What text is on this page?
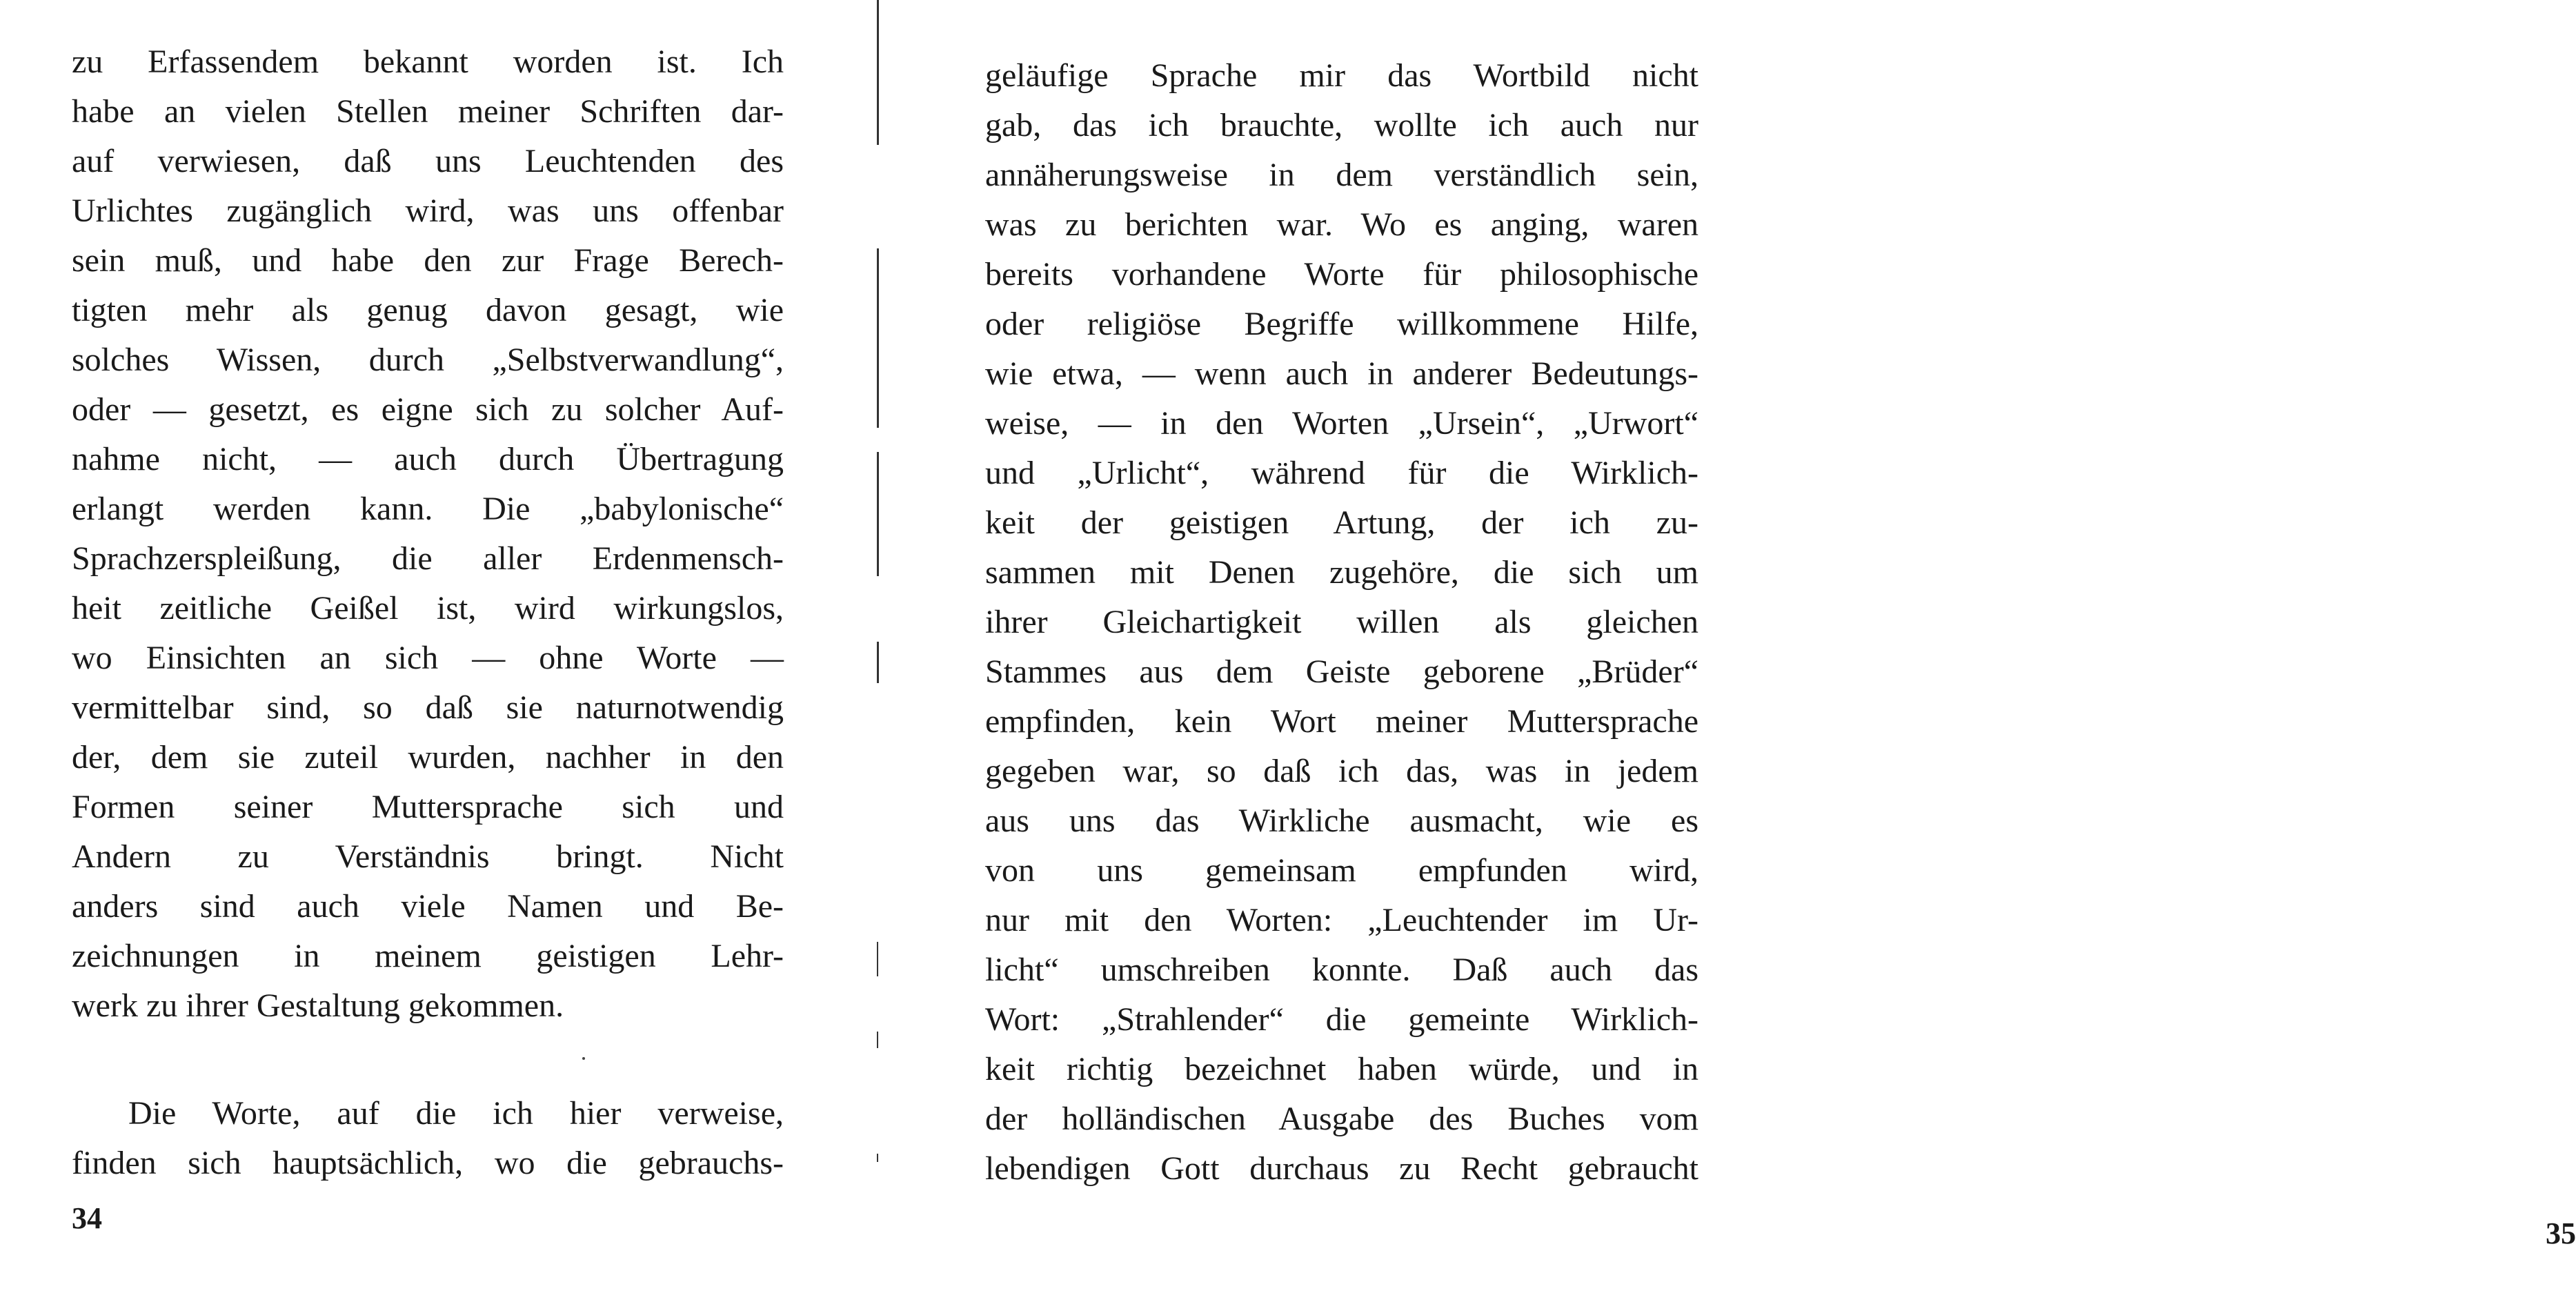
zu Erfassendem bekannt worden ist. Ich
habe an vielen Stellen meiner Schriften dar-
auf verwiesen, daß uns Leuchtenden des
Urlichtes zugänglich wird, was uns offenbar
sein muß, und habe den zur Frage Berech-
tigten mehr als genug davon gesagt, wie
solches Wissen, durch „Selbstverwandlung“,
oder — gesetzt, es eigne sich zu solcher Auf-
nahme nicht, — auch durch Übertragung
erlangt werden kann. Die „babylonische“
Sprachzerspleißung, die aller Erdenmensch-
heit zeitliche Geißel ist, wird wirkungslos,
wo Einsichten an sich — ohne Worte —
vermittelbar sind, so daß sie naturnotwendig
der, dem sie zuteil wurden, nachher in den
Formen seiner Muttersprache sich und
Andern zu Verständnis bringt. Nicht
anders sind auch viele Namen und Be-
zeichnungen in meinem geistigen Lehr-
werk zu ihrer Gestaltung gekommen.
Die Worte, auf die ich hier verweise,
finden sich hauptsächlich, wo die gebrauchs-
34
geläufige Sprache mir das Wortbild nicht
gab, das ich brauchte, wollte ich auch nur
annäherungsweise in dem verständlich sein,
was zu berichten war. Wo es anging, waren
bereits vorhandene Worte für philosophische
oder religiöse Begriffe willkommene Hilfe,
wie etwa, — wenn auch in anderer Bedeutungs-
weise, — in den Worten „Ursein“, „Urwort“
und „Urlicht“, während für die Wirklich-
keit der geistigen Artung, der ich zu-
sammen mit Denen zugehöre, die sich um
ihrer Gleichartigkeit willen als gleichen
Stammes aus dem Geiste geborene „Brüder“
empfinden, kein Wort meiner Muttersprache
gegeben war, so daß ich das, was in jedem
aus uns das Wirkliche ausmacht, wie es
von uns gemeinsam empfunden wird,
nur mit den Worten: „Leuchtender im Ur-
licht“ umschreiben konnte. Daß auch das
Wort: „Strahlender“ die gemeinte Wirklich-
keit richtig bezeichnet haben würde, und in
der holländischen Ausgabe des Buches vom
lebendigen Gott durchaus zu Recht gebraucht
35
